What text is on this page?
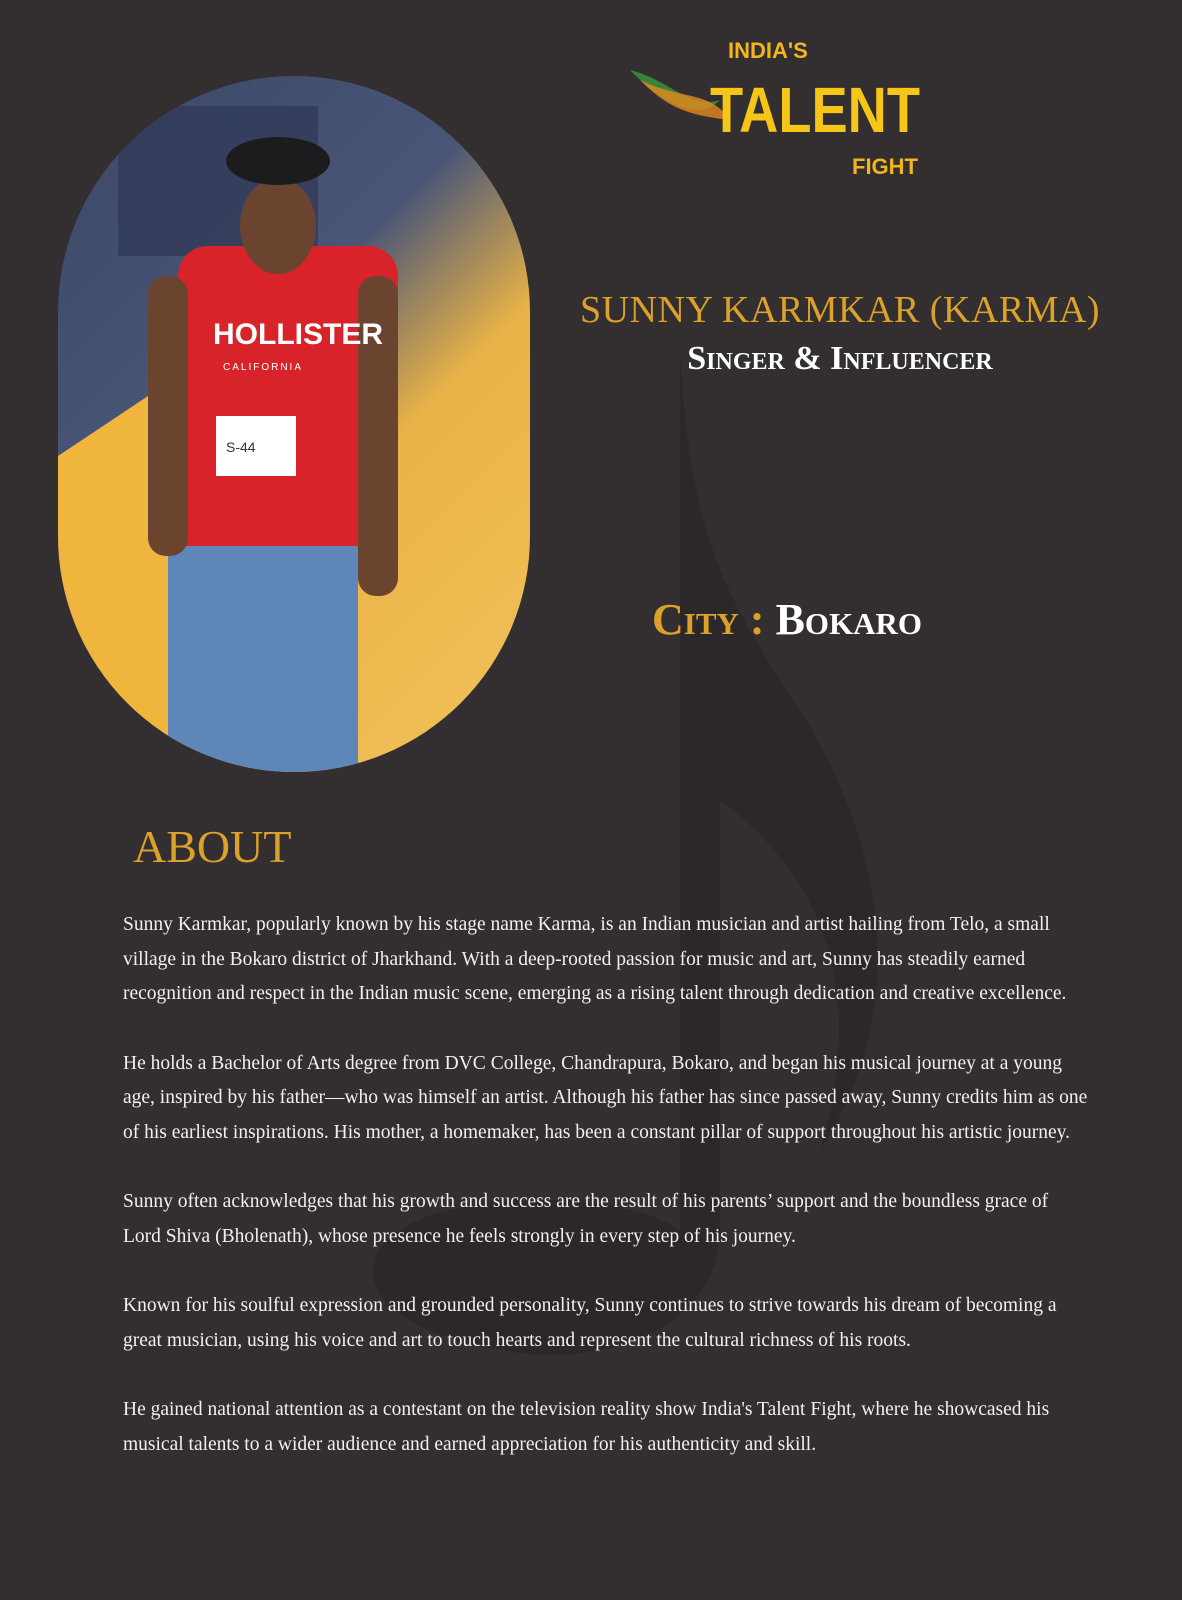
HOLLISTER
CALIFORNIA
S-44
INDIA'S
TALENT
FIGHT
SUNNY KARMKAR (KARMA)
Singer & Influencer
City : Bokaro
ABOUT

Sunny Karmkar, popularly known by his stage name Karma, is an Indian musician and artist hailing from Telo, a small village in the Bokaro district of Jharkhand. With a deep-rooted passion for music and art, Sunny has steadily earned recognition and respect in the Indian music scene, emerging as a rising talent through dedication and creative excellence.

He holds a Bachelor of Arts degree from DVC College, Chandrapura, Bokaro, and began his musical journey at a young age, inspired by his father—who was himself an artist. Although his father has since passed away, Sunny credits him as one of his earliest inspirations. His mother, a homemaker, has been a constant pillar of support throughout his artistic journey.

Sunny often acknowledges that his growth and success are the result of his parents’ support and the boundless grace of Lord Shiva (Bholenath), whose presence he feels strongly in every step of his journey.

Known for his soulful expression and grounded personality, Sunny continues to strive towards his dream of becoming a great musician, using his voice and art to touch hearts and represent the cultural richness of his roots.

He gained national attention as a contestant on the television reality show India's Talent Fight, where he showcased his musical talents to a wider audience and earned appreciation for his authenticity and skill.
